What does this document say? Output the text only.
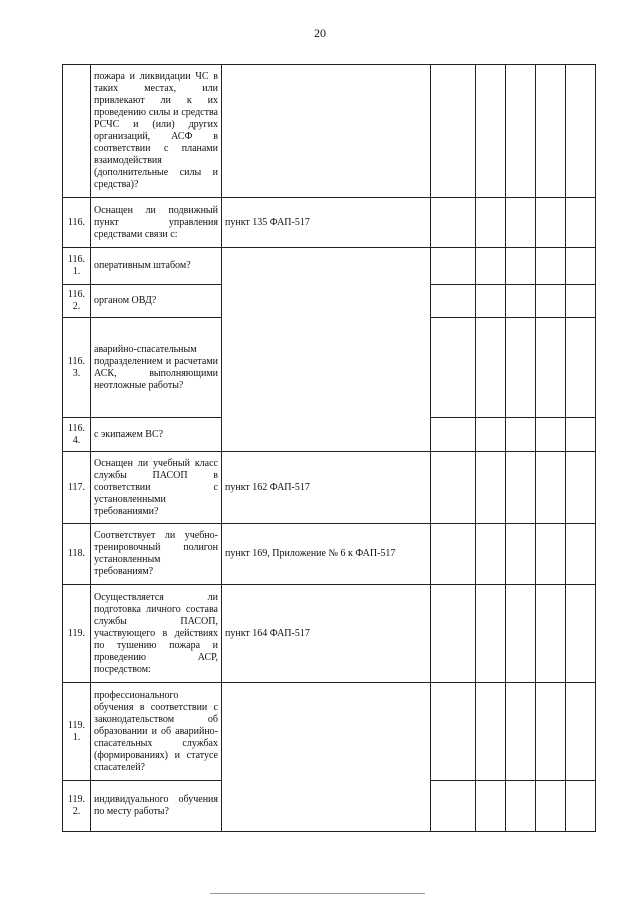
20

	пожара и ликвидации ЧС в таких местах, или привлекают ли к их проведению силы и средства РСЧС и (или) других организаций, АСФ в соответствии с планами взаимодействия (дополнительные силы и средства)?						

116.	Оснащен ли подвижный пункт управления средствами связи с:	пункт 135 ФАП-517					
116. 1.	оперативным штабом?						

116. 2.	органом ОВД?						

116. 3.	аварийно-спасательным подразделением и расчетами АСК, выполняющими неотложные работы?						

116. 4.	с экипажем ВС?						

117.	Оснащен ли учебный класс службы ПАСОП в соответствии с установленными требованиями?	пункт 162 ФАП-517					
118.	Соответствует ли учебно-тренировочный полигон установленным требованиям?	пункт 169, Приложение № 6 к ФАП-517					
119.	Осуществляется ли подготовка личного состава службы ПАСОП, участвующего в действиях по тушению пожара и проведению АСР, посредством:	пункт 164 ФАП-517					
119. 1.	профессионального обучения в соответствии с законодательством об образовании и об аварийно-спасательных службах (формированиях) и статусе спасателей?						

119. 2.	индивидуального обучения по месту работы?						
